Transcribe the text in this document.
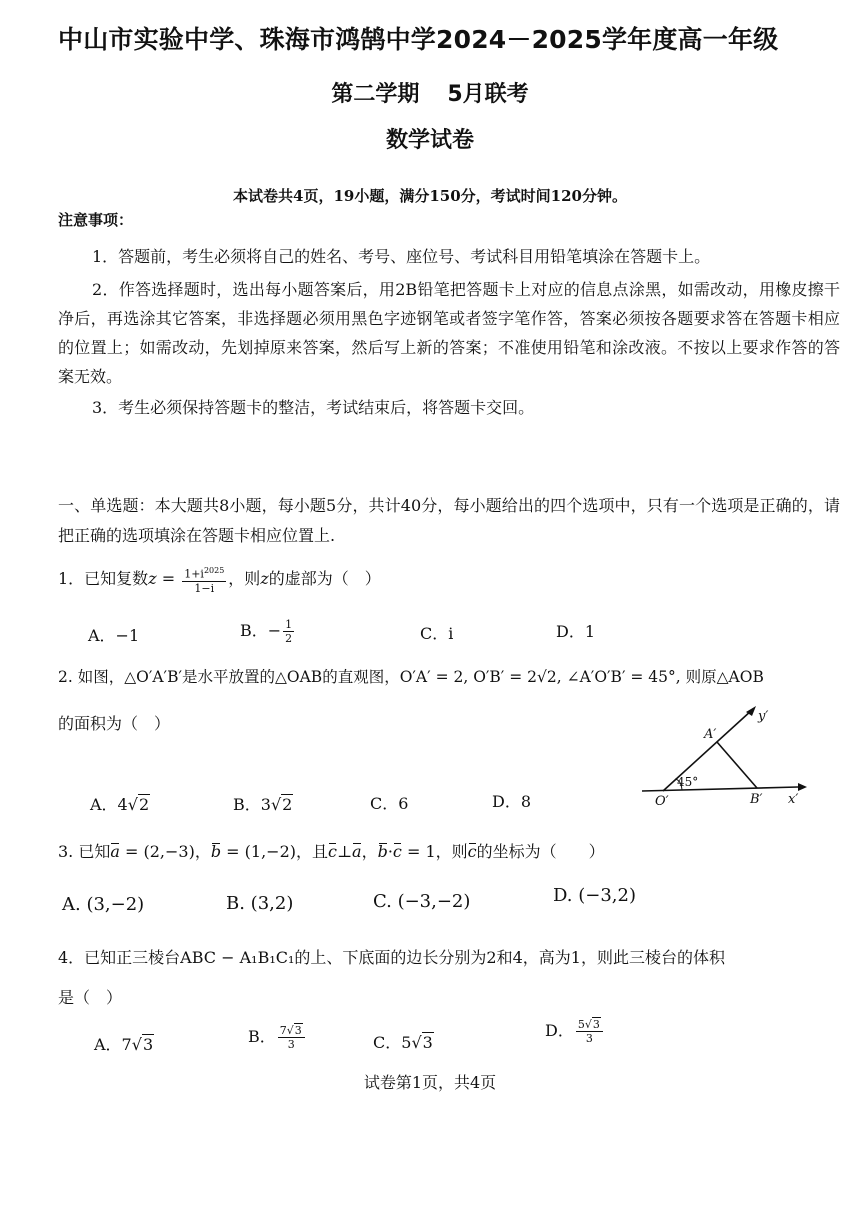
中山市实验中学、珠海市鸿鹄中学2024－2025学年度高一年级
第二学期 5月联考
数学试卷
本试卷共4页，19小题，满分150分，考试时间120分钟。
注意事项：
1．答题前，考生必须将自己的姓名、考号、座位号、考试科目用铅笔填涂在答题卡上。
2．作答选择题时，选出每小题答案后，用2B铅笔把答题卡上对应的信息点涂黑，如需改动，用橡皮擦干净后，再选涂其它答案，非选择题必须用黑色字迹钢笔或者签字笔作答，答案必须按各题要求答在答题卡相应的位置上；如需改动，先划掉原来答案，然后写上新的答案；不准使用铅笔和涂改液。不按以上要求作答的答案无效。
3．考生必须保持答题卡的整洁，考试结束后，将答题卡交回。
一、单选题：本大题共8小题，每小题5分，共计40分，每小题给出的四个选项中，只有一个选项是正确的，请把正确的选项填涂在答题卡相应位置上.
1．已知复数$z = \frac{1+i^{2025}}{1-i}$ ，则z的虚部为（　）
A．−1	B．− $\frac{1}{2}$	C．i	D．1
2. 如图，△O′A′B′是水平放置的△OAB的直观图，O′A′ = 2, O′B′ = 2√2, ∠A′O′B′ = 45°, 则原△AOB
的面积为（　）
A．4√2	B．3√2	C．6	D．8
y′
A′
45°
O′	B′ x′
3. 已知a = (2,−3)，b = (1,−2)，且c⊥a，b·c = 1，则c的坐标为（　　）
A. (3,−2)	B. (3,2)	C. (−3,−2)	D. (−3,2)
4．已知正三棱台ABC − A₁B₁C₁的上、下底面的边长分别为2和4，高为1，则此三棱台的体积
是（　）
A．7√3	B． $\frac{7√3}{3}$	C．5√3
D． $\frac{5√3}{3}$
试卷第1页，共4页
